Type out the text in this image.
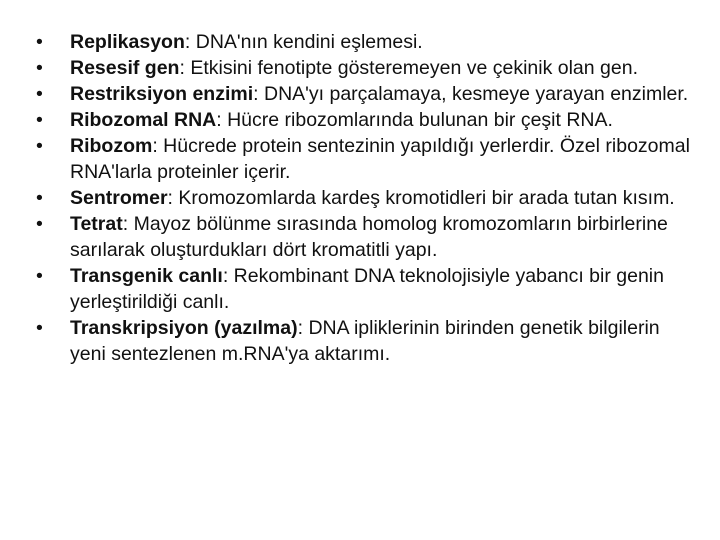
•	Replikasyon: DNA'nın kendini eşlemesi.
•	Resesif gen: Etkisini fenotipte gösteremeyen ve çekinik olan gen.
•	Restriksiyon enzimi: DNA'yı parçalamaya, kesmeye yarayan enzimler.
•	Ribozomal RNA: Hücre ribozomlarında bulunan bir çeşit RNA.
•	Ribozom: Hücrede protein sentezinin yapıldığı yerlerdir. Özel ribozomal RNA'larla proteinler içerir.
•	Sentromer: Kromozomlarda kardeş kromotidleri bir arada tutan kısım.
•	Tetrat: Mayoz bölünme sırasında homolog kromozomların birbirlerine sarılarak oluşturdukları dört kromatitli yapı.
•	Transgenik canlı: Rekombinant DNA teknolojisiyle yabancı bir genin yerleştirildiği canlı.
•	Transkripsiyon (yazılma): DNA ipliklerinin birinden genetik bilgilerin yeni sentezlenen m.RNA'ya aktarımı.
